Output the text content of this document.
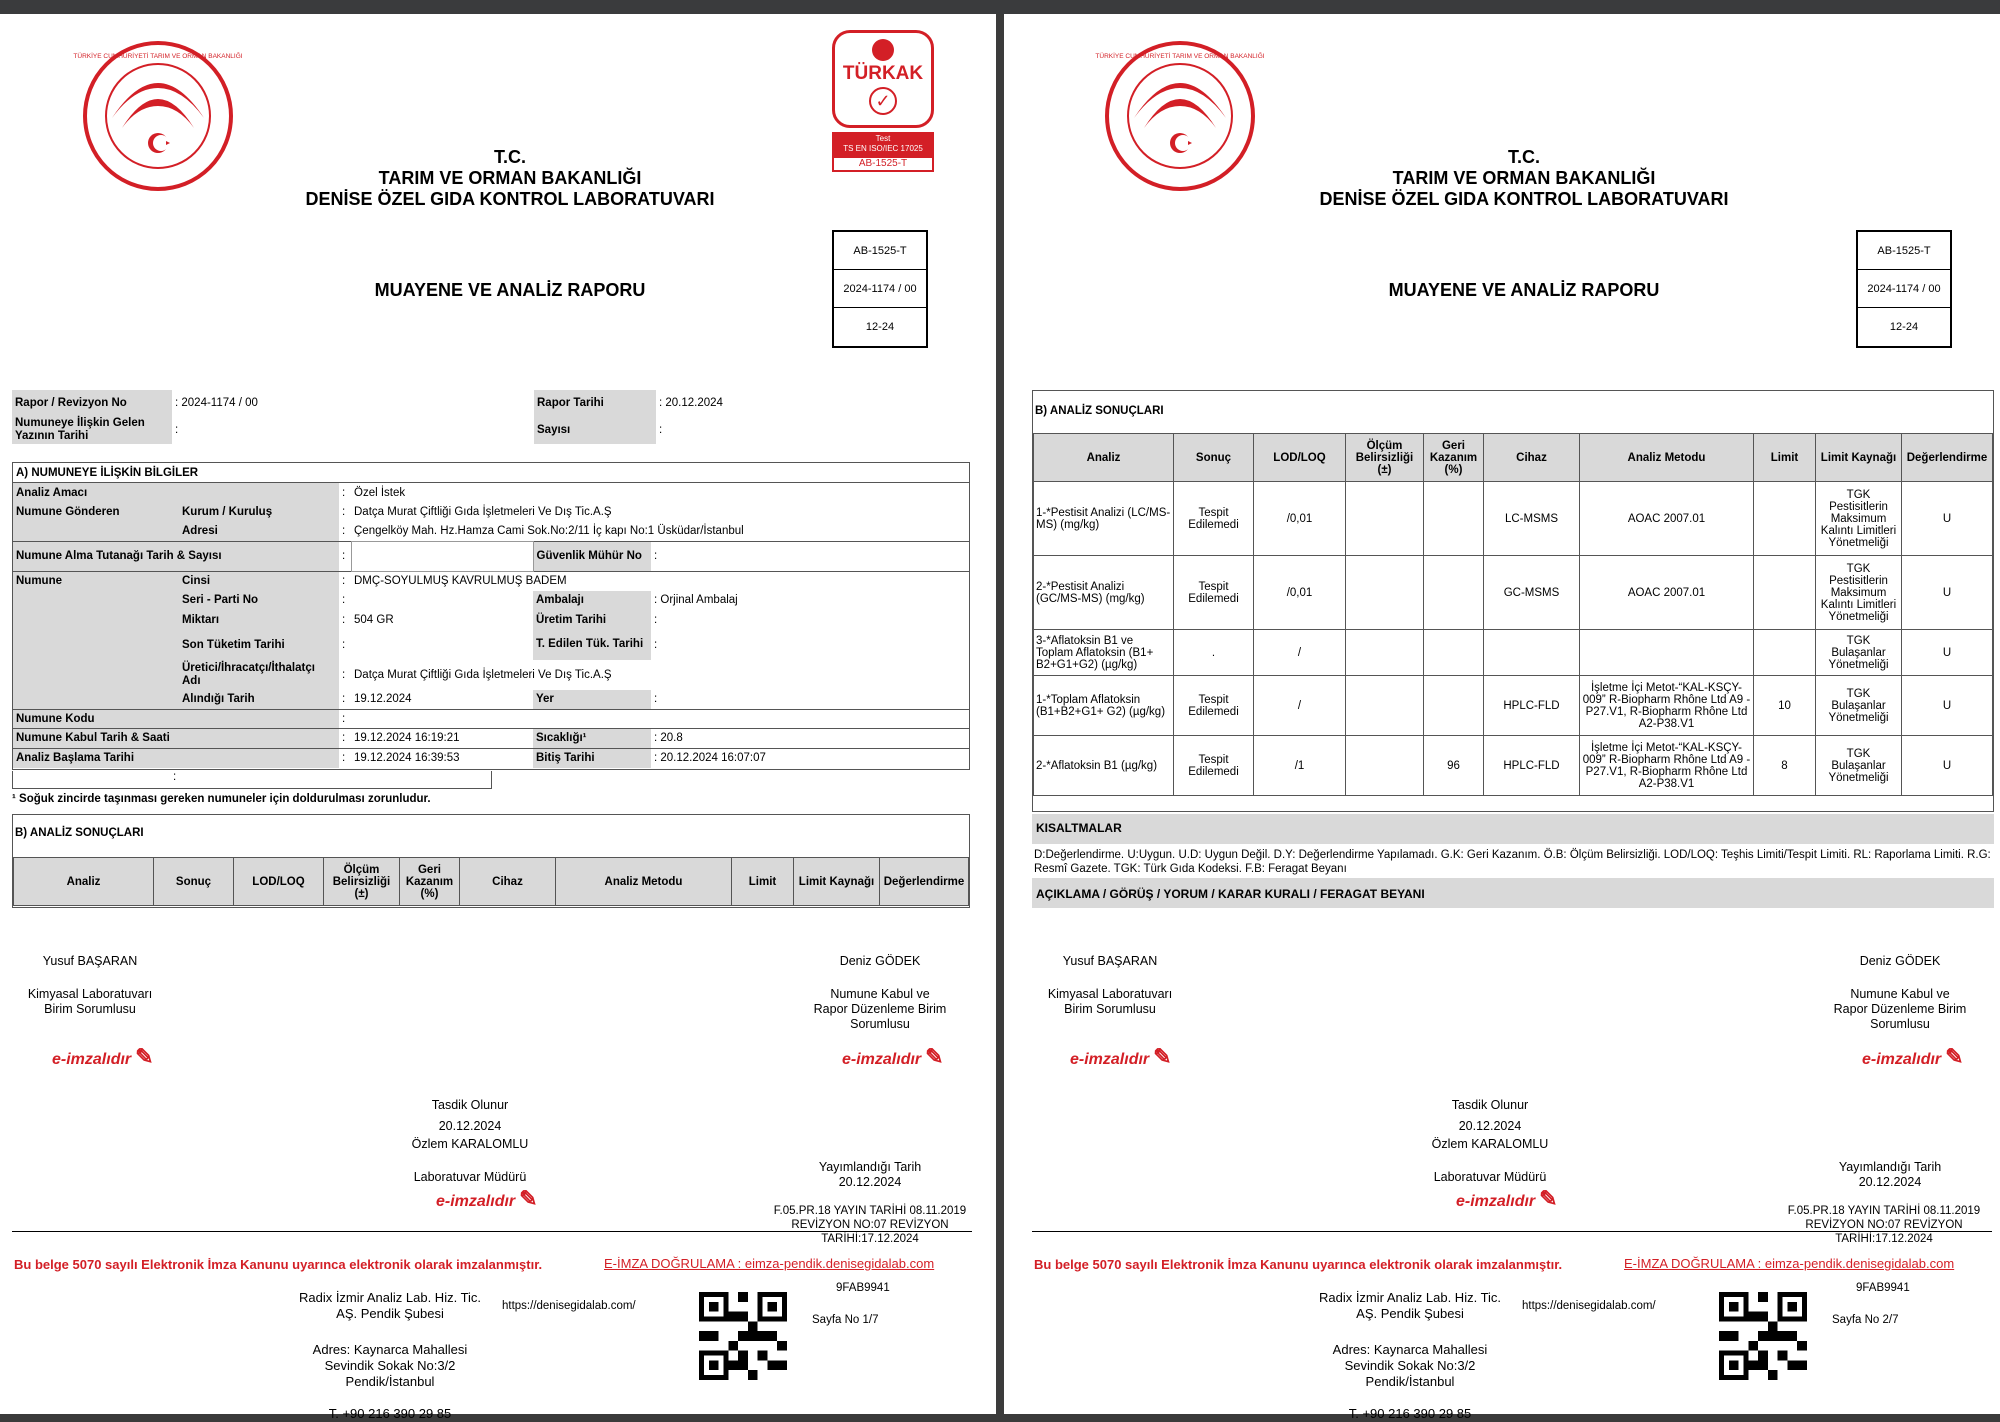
TÜRKİYE CUMHURİYETİ TARIM VE ORMAN BAKANLIĞI
TÜRKAK
✓
Test
TS EN ISO/IEC 17025
AB-1525-T
T.C.
TARIM VE ORMAN BAKANLIĞI
DENİSE ÖZEL GIDA KONTROL LABORATUVARI
MUAYENE VE ANALİZ RAPORU
AB-1525-T
2024-1174 / 00
12-24
Rapor / Revizyon No	: 2024-1174 / 00	Rapor Tarihi	: 20.12.2024
Numuneye İlişkin Gelen Yazının Tarihi	:	Sayısı	:
A) NUMUNEYE İLİŞKİN BİLGİLER						
Analiz Amacı		:	Özel İstek			
Numune Gönderen	Kurum / Kuruluş	:	Datça Murat Çiftliği Gıda İşletmeleri Ve Dış Tic.A.Ş			
	Adresi	:	Çengelköy Mah. Hz.Hamza Cami Sok.No:2/11 İç kapı No:1 Üsküdar/İstanbul			
Numune Alma Tutanağı Tarih & Sayısı		:		Güvenlik Mühür No	:	
Numune	Cinsi	:	DMÇ-SOYULMUŞ KAVRULMUŞ BADEM			
	Seri - Parti No	:		Ambalajı	: Orjinal Ambalaj	
	Miktarı	:	504 GR	Üretim Tarihi	:	
	Son Tüketim Tarihi	:		T. Edilen Tük. Tarihi	:	
	Üretici/İhracatçı/İthalatçı Adı	:	Datça Murat Çiftliği Gıda İşletmeleri Ve Dış Tic.A.Ş			
	Alındığı Tarih	:	19.12.2024	Yer	:	
Numune Kodu		:				
Numune Kabul Tarih & Saati		:	19.12.2024 16:19:21	Sıcaklığı¹	: 20.8	
Analiz Başlama Tarihi		:	19.12.2024 16:39:53	Bitiş Tarihi	: 20.12.2024 16:07:07	
:
¹ Soğuk zincirde taşınması gereken numuneler için doldurulması zorunludur.
B) ANALİZ SONUÇLARI
Analiz	Sonuç	LOD/LOQ	Ölçüm Belirsizliği (±)	Geri Kazanım (%)	Cihaz	Analiz Metodu	Limit	Limit Kaynağı	Değerlendirme
Yusuf BAŞARAN
Kimyasal Laboratuvarı
Birim Sorumlusu
e-imzalıdır ✎
Deniz GÖDEK
Numune Kabul ve
Rapor Düzenleme Birim
Sorumlusu
e-imzalıdır ✎
Tasdik Olunur
20.12.2024
Özlem KARALOMLU
Laboratuvar Müdürü
e-imzalıdır ✎
Yayımlandığı Tarih
20.12.2024
F.05.PR.18 YAYIN TARİHİ 08.11.2019
REVİZYON NO:07 REVİZYON
TARİHİ:17.12.2024
Bu belge 5070 sayılı Elektronik İmza Kanunu uyarınca elektronik olarak imzalanmıştır.	E-İMZA DOĞRULAMA : eimza-pendik.denisegidalab.com
Radix İzmir Analiz Lab. Hiz. Tic.
AŞ. Pendik Şubesi
Adres: Kaynarca Mahallesi
Sevindik Sokak No:3/2
Pendik/İstanbul
T. +90 216 390 29 85
https://denisegidalab.com/
9FAB9941
Sayfa No 1/7
TÜRKİYE CUMHURİYETİ TARIM VE ORMAN BAKANLIĞI
T.C.
TARIM VE ORMAN BAKANLIĞI
DENİSE ÖZEL GIDA KONTROL LABORATUVARI
MUAYENE VE ANALİZ RAPORU
AB-1525-T
2024-1174 / 00
12-24
B) ANALİZ SONUÇLARI
Analiz	Sonuç	LOD/LOQ	Ölçüm Belirsizliği (±)	Geri Kazanım (%)	Cihaz	Analiz Metodu	Limit	Limit Kaynağı	Değerlendirme
1-*Pestisit Analizi (LC/MS-MS) (mg/kg)	Tespit Edilemedi	/0,01			LC-MSMS	AOAC 2007.01		TGK Pestisitlerin Maksimum Kalıntı Limitleri Yönetmeliği	U
2-*Pestisit Analizi (GC/MS-MS) (mg/kg)	Tespit Edilemedi	/0,01			GC-MSMS	AOAC 2007.01		TGK Pestisitlerin Maksimum Kalıntı Limitleri Yönetmeliği	U
3-*Aflatoksin B1 ve Toplam Aflatoksin (B1+ B2+G1+G2) (µg/kg)	.	/						TGK Bulaşanlar Yönetmeliği	U
1-*Toplam Aflatoksin (B1+B2+G1+ G2) (µg/kg)	Tespit Edilemedi	/			HPLC-FLD	İşletme İçi Metot-“KAL-KSÇY-009” R-Biopharm Rhône Ltd A9 -P27.V1, R-Biopharm Rhône Ltd A2-P38.V1	10	TGK Bulaşanlar Yönetmeliği	U
2-*Aflatoksin B1 (µg/kg)	Tespit Edilemedi	/1		96	HPLC-FLD	İşletme İçi Metot-“KAL-KSÇY-009” R-Biopharm Rhône Ltd A9 -P27.V1, R-Biopharm Rhône Ltd A2-P38.V1	8	TGK Bulaşanlar Yönetmeliği	U
KISALTMALAR
D:Değerlendirme. U:Uygun. U.D: Uygun Değil. D.Y: Değerlendirme Yapılamadı. G.K: Geri Kazanım. Ö.B: Ölçüm Belirsizliği. LOD/LOQ: Teşhis Limiti/Tespit Limiti. RL: Raporlama Limiti. R.G: Resmî Gazete. TGK: Türk Gıda Kodeksi. F.B: Feragat Beyanı
AÇIKLAMA / GÖRÜŞ / YORUM / KARAR KURALI / FERAGAT BEYANI
Yusuf BAŞARAN
Kimyasal Laboratuvarı
Birim Sorumlusu
e-imzalıdır ✎
Deniz GÖDEK
Numune Kabul ve
Rapor Düzenleme Birim
Sorumlusu
e-imzalıdır ✎
Tasdik Olunur
20.12.2024
Özlem KARALOMLU
Laboratuvar Müdürü
e-imzalıdır ✎
Yayımlandığı Tarih
20.12.2024
F.05.PR.18 YAYIN TARİHİ 08.11.2019
REVİZYON NO:07 REVİZYON
TARİHİ:17.12.2024
Bu belge 5070 sayılı Elektronik İmza Kanunu uyarınca elektronik olarak imzalanmıştır.	E-İMZA DOĞRULAMA : eimza-pendik.denisegidalab.com
Radix İzmir Analiz Lab. Hiz. Tic.
AŞ. Pendik Şubesi
Adres: Kaynarca Mahallesi
Sevindik Sokak No:3/2
Pendik/İstanbul
T. +90 216 390 29 85
https://denisegidalab.com/
9FAB9941
Sayfa No 2/7
